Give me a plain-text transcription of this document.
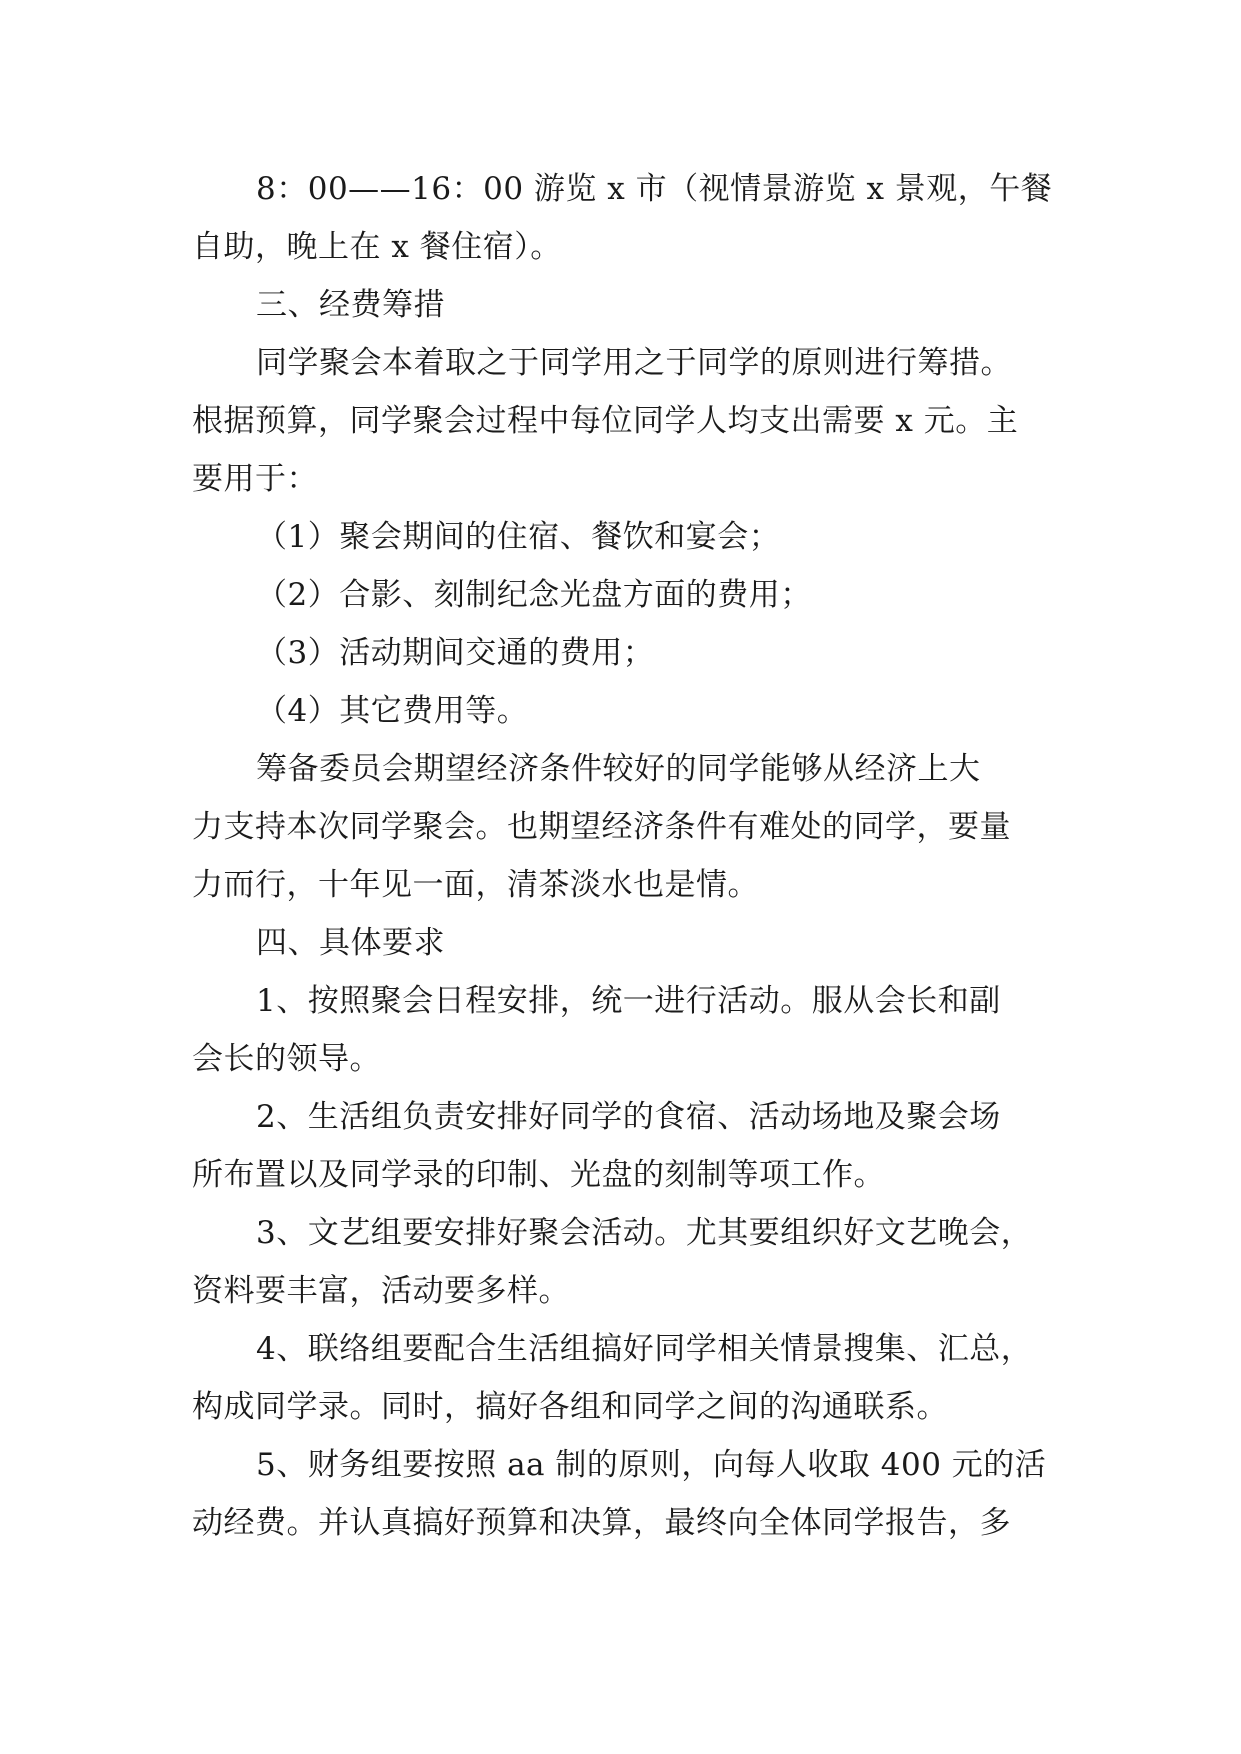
8：00——16：00 游览 x 市（视情景游览 x 景观，午餐
自助，晚上在 x 餐住宿）。
三、经费筹措
同学聚会本着取之于同学用之于同学的原则进行筹措。
根据预算，同学聚会过程中每位同学人均支出需要 x 元。主
要用于：
（1）聚会期间的住宿、餐饮和宴会；
（2）合影、刻制纪念光盘方面的费用；
（3）活动期间交通的费用；
（4）其它费用等。
筹备委员会期望经济条件较好的同学能够从经济上大
力支持本次同学聚会。也期望经济条件有难处的同学，要量
力而行，十年见一面，清茶淡水也是情。
四、具体要求
1、按照聚会日程安排，统一进行活动。服从会长和副
会长的领导。
2、生活组负责安排好同学的食宿、活动场地及聚会场
所布置以及同学录的印制、光盘的刻制等项工作。
3、文艺组要安排好聚会活动。尤其要组织好文艺晚会，
资料要丰富，活动要多样。
4、联络组要配合生活组搞好同学相关情景搜集、汇总，
构成同学录。同时，搞好各组和同学之间的沟通联系。
5、财务组要按照 aa 制的原则，向每人收取 400 元的活
动经费。并认真搞好预算和决算，最终向全体同学报告，多
